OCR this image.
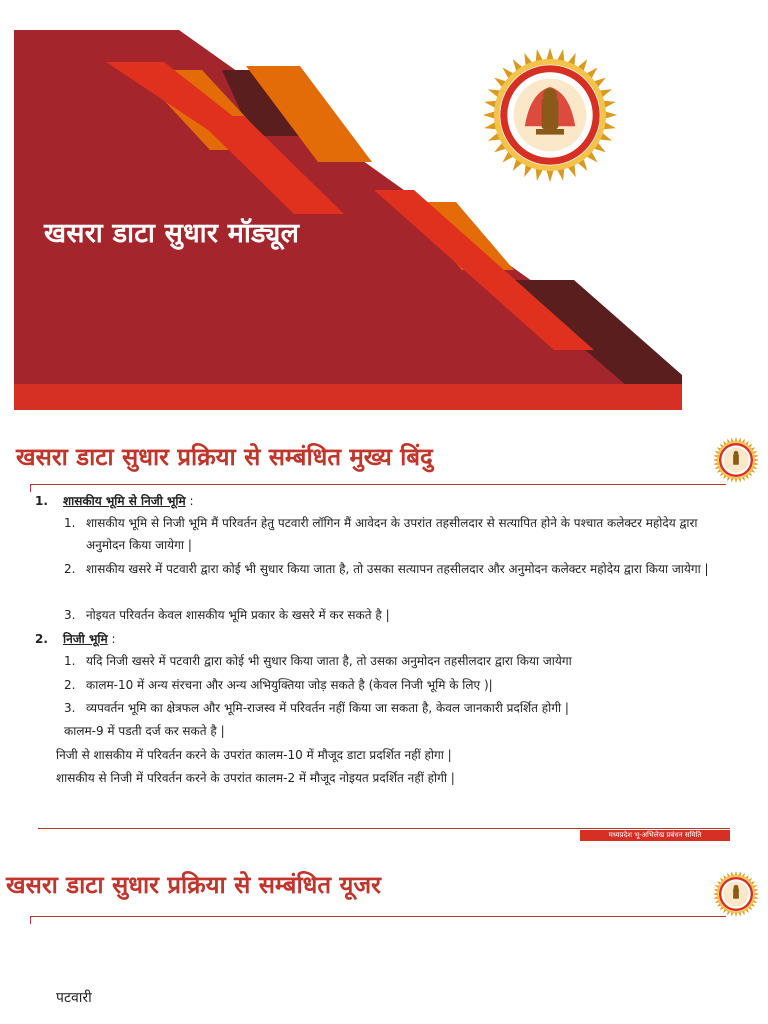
खसरा डाटा सुधार मॉड्यूल
मध्यप्रदेश भू-अभिलेख प्रबंधन समिति
खसरा डाटा सुधार प्रक्रिया से सम्बंधित मुख्य बिंदु
1. शासकीय भूमि से निजी भूमि :
1. शासकीय भूमि से निजी भूमि मैं परिवर्तन हेतु पटवारी लॉगिन मैं आवेदन के उपरांत तहसीलदार से सत्यापित होने के पश्चात कलेक्टर महोदेय द्वारा अनुमोदन किया जायेगा |
2. शासकीय खसरे में पटवारी द्वारा कोई भी सुधार किया जाता है, तो उसका सत्यापन तहसीलदार और अनुमोदन कलेक्टर महोदेय द्वारा किया जायेगा |
3. नोइयत परिवर्तन केवल शासकीय भूमि प्रकार के खसरे में कर सकते है |
2. निजी भूमि :
1. यदि निजी खसरे में पटवारी द्वारा कोई भी सुधार किया जाता है, तो उसका अनुमोदन तहसीलदार द्वारा किया जायेगा
2. कालम-10 में अन्य संरचना और अन्य अभियुक्तिया जोड़ सकते है (केवल निजी भूमि के लिए )|
3. व्यपवर्तन भूमि का क्षेत्रफल और भूमि-राजस्व में परिवर्तन नहीं किया जा सकता है, केवल जानकारी प्रदर्शित होगी |
कालम-9 में पडती दर्ज कर सकते है |
निजी से शासकीय में परिवर्तन करने के उपरांत कालम-10 में मौजूद डाटा प्रदर्शित नहीं होगा |
शासकीय से निजी में परिवर्तन करने के उपरांत कालम-2 में मौजूद नोइयत प्रदर्शित नहीं होगी |
मध्यप्रदेश भू-अभिलेख प्रबंधन समिति
खसरा डाटा सुधार प्रक्रिया से सम्बंधित यूजर
पटवारी
